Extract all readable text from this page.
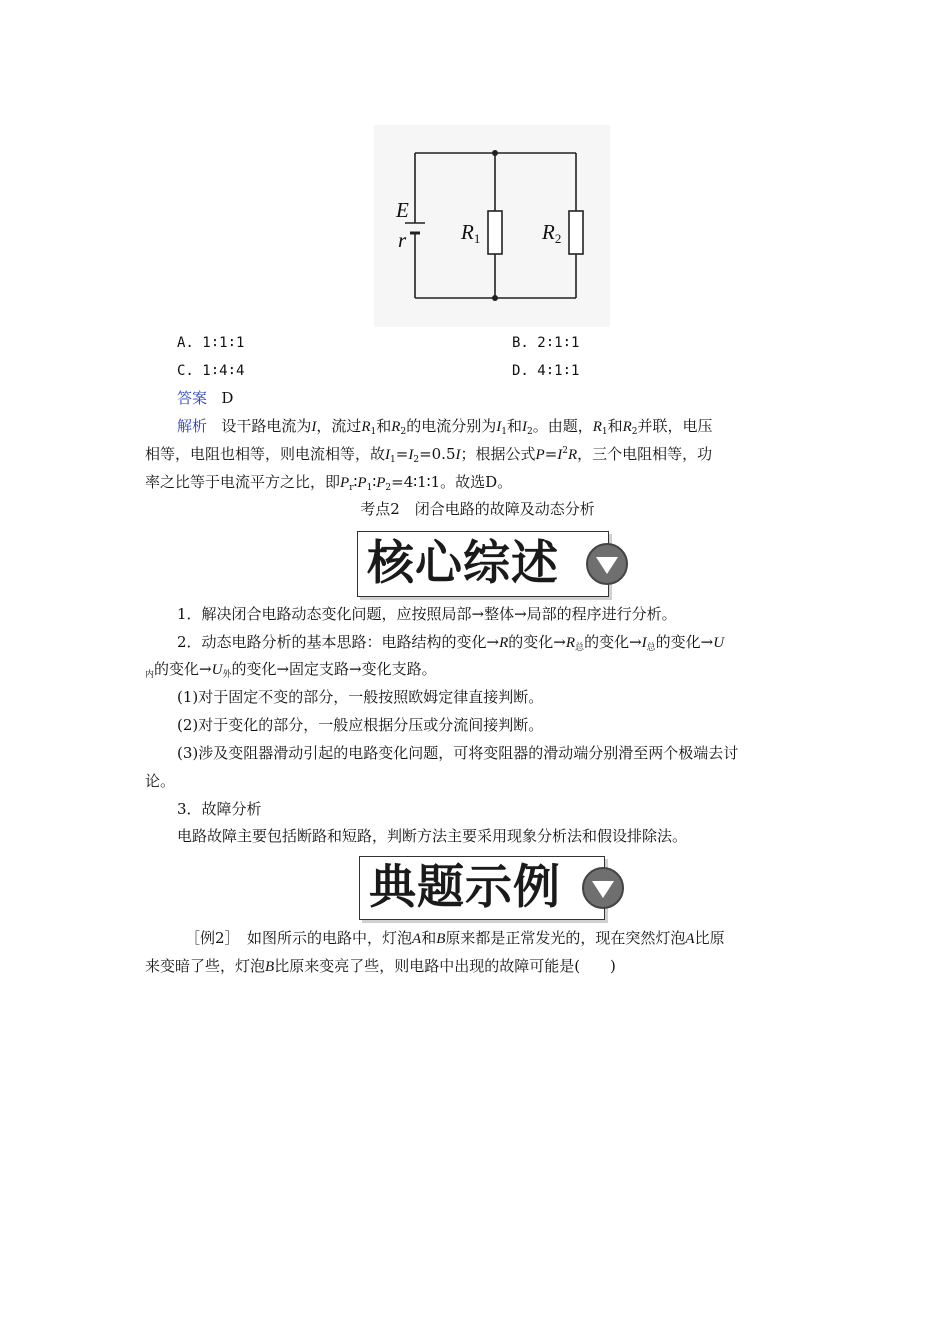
E
r	R1	R2
A. 1∶1∶1	B. 2∶1∶1
C. 1∶4∶4	D. 4∶1∶1
答案 D
解析 设干路电流为I，流过$R_1$和$R_2$的电流分别为$I_1$和$I_2$。由题，$R_1$和$R_2$并联，电压
相等，电阻也相等，则电流相等，故$I_1=I_2=0.5I$；根据公式$P=I^2R$，三个电阻相等，功
率之比等于电流平方之比，即$P_r∶P_1∶P_2=4∶1∶1$。故选D。
考点2　闭合电路的故障及动态分析
核心综述
1．解决闭合电路动态变化问题，应按照局部→整体→局部的程序进行分析。
2．动态电路分析的基本思路：电路结构的变化→R的变化$\to R_总$的变化$\to I_总$的变化→U
$_内$的变化$\to U_外$的变化→固定支路→变化支路。
(1)对于固定不变的部分，一般按照欧姆定律直接判断。
(2)对于变化的部分，一般应根据分压或分流间接判断。
(3)涉及变阻器滑动引起的电路变化问题，可将变阻器的滑动端分别滑至两个极端去讨
论。
3．故障分析
电路故障主要包括断路和短路，判断方法主要采用现象分析法和假设排除法。
典题示例
［例2］　如图所示的电路中，灯泡A和B原来都是正常发光的，现在突然灯泡A比原
来变暗了些，灯泡B比原来变亮了些，则电路中出现的故障可能是(　　)
